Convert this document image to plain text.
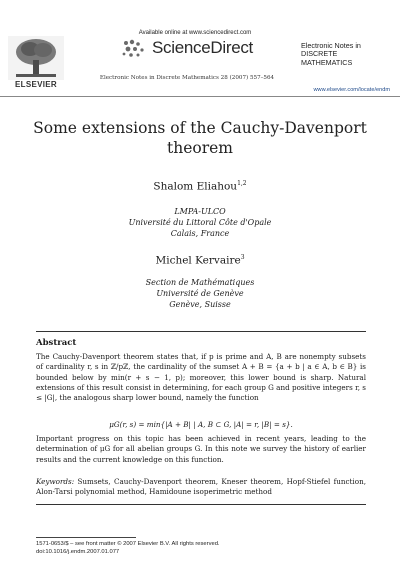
ELSEVIER
Available online at www.sciencedirect.com
ScienceDirect
Electronic Notes in Discrete Mathematics 28 (2007) 557–564
Electronic Notes in
DISCRETE
MATHEMATICS
www.elsevier.com/locate/endm
Some extensions of the Cauchy-Davenport
theorem
Shalom Eliahou$^{1,2}$
LMPA-ULCO
Université du Littoral Côte d'Opale
Calais, France
Michel Kervaire$^3$
Section de Mathématiques
Université de Genève
Genève, Suisse
Abstract
The Cauchy-Davenport theorem states that, if p is prime and A, B are nonempty subsets of cardinality r, s in ℤ/pℤ, the cardinality of the sumset A + B = {a + b | a ∈ A, b ∈ B} is bounded below by min(r + s − 1, p); moreover, this lower bound is sharp. Natural extensions of this result consist in determining, for each group G and positive integers r, s ≤ |G|, the analogous sharp lower bound, namely the function
μG(r, s) = min{|A + B| | A, B ⊂ G, |A| = r, |B| = s}.
Important progress on this topic has been achieved in recent years, leading to the determination of μG for all abelian groups G. In this note we survey the history of earlier results and the current knowledge on this function.
Keywords: Sumsets, Cauchy-Davenport theorem, Kneser theorem, Hopf-Stiefel function, Alon-Tarsi polynomial method, Hamidoune isoperimetric method
1571-0653/$ – see front matter © 2007 Elsevier B.V. All rights reserved.
doi:10.1016/j.endm.2007.01.077
